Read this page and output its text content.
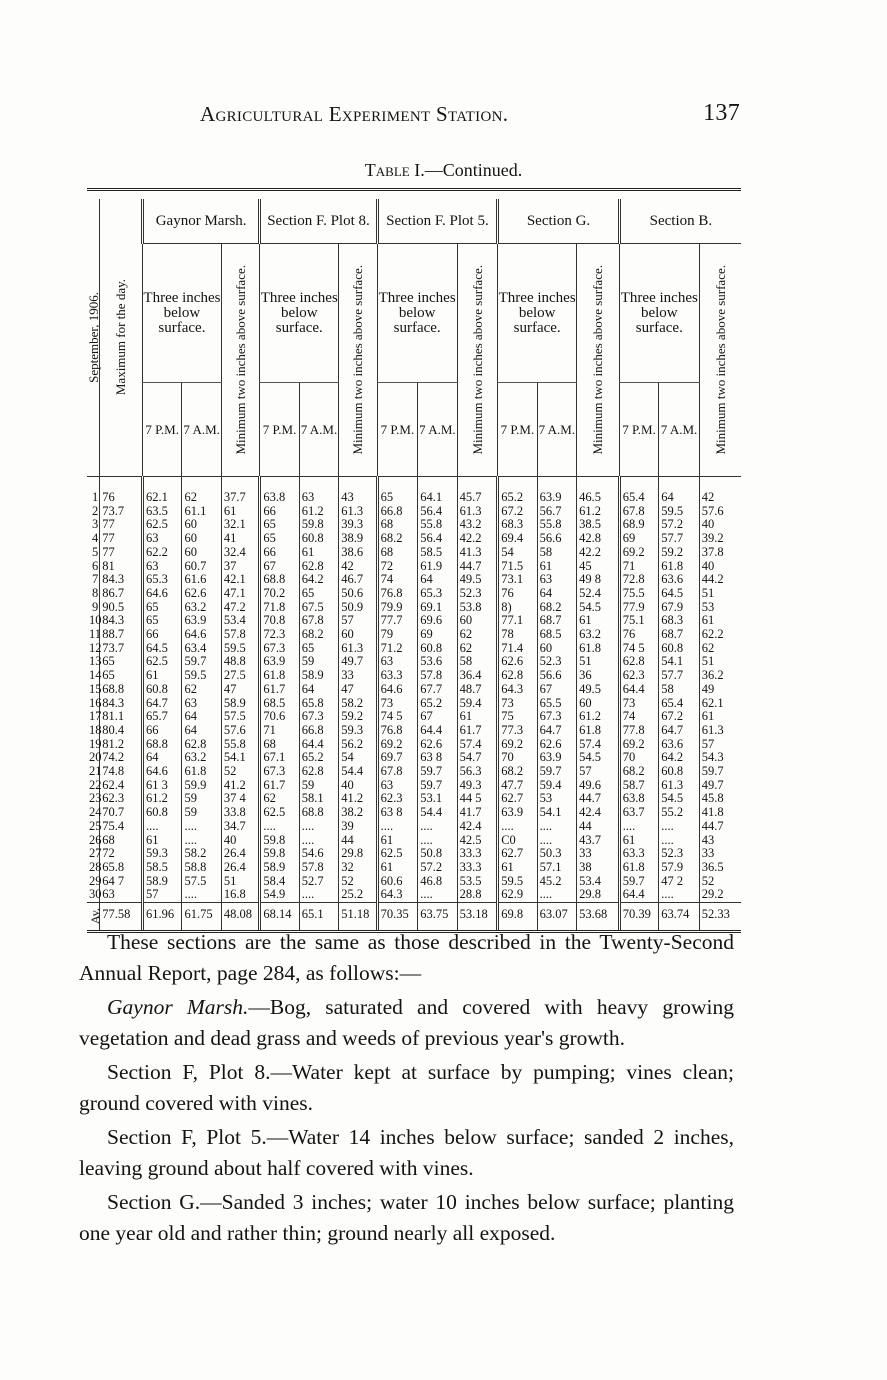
Agricultural Experiment Station.	137
Table I.—Continued.

September, 1906.	Maximum for the day.	Gaynor Marsh.			Section F. Plot 8.			Section F. Plot 5.			Section G.			Section B.		
		Three inches below surface.		Minimum two inches above surface.	Three inches below surface.		Minimum two inches above surface.	Three inches below surface.		Minimum two inches above surface.	Three inches below surface.		Minimum two inches above surface.	Three inches below surface.		Minimum two inches above surface.

		7 P.M.	7 A.M.		7 P.M.	7 A.M.		7 P.M.	7 A.M.		7 P.M.	7 A.M.		7 P.M.	7 A.M.	

1	76	62.1	62	37.7	63.8	63	43	65	64.1	45.7	65.2	63.9	46.5	65.4	64	42
2	73.7	63.5	61.1	61	66	61.2	61.3	66.8	56.4	61.3	67.2	56.7	61.2	67.8	59.5	57.6
3	77	62.5	60	32.1	65	59.8	39.3	68	55.8	43.2	68.3	55.8	38.5	68.9	57.2	40
4	77	63	60	41	65	60.8	38.9	68.2	56.4	42.2	69.4	56.6	42.8	69	57.7	39.2
5	77	62.2	60	32.4	66	61	38.6	68	58.5	41.3	54	58	42.2	69.2	59.2	37.8
6	81	63	60.7	37	67	62.8	42	72	61.9	44.7	71.5	61	45	71	61.8	40
7	84.3	65.3	61.6	42.1	68.8	64.2	46.7	74	64	49.5	73.1	63	49 8	72.8	63.6	44.2
8	86.7	64.6	62.6	47.1	70.2	65	50.6	76.8	65.3	52.3	76	64	52.4	75.5	64.5	51
9	90.5	65	63.2	47.2	71.8	67.5	50.9	79.9	69.1	53.8	8)	68.2	54.5	77.9	67.9	53
10	84.3	65	63.9	53.4	70.8	67.8	57	77.7	69.6	60	77.1	68.7	61	75.1	68.3	61
11	88.7	66	64.6	57.8	72.3	68.2	60	79	69	62	78	68.5	63.2	76	68.7	62.2
12	73.7	64.5	63.4	59.5	67.3	65	61.3	71.2	60.8	62	71.4	60	61.8	74 5	60.8	62
13	65	62.5	59.7	48.8	63.9	59	49.7	63	53.6	58	62.6	52.3	51	62.8	54.1	51
14	65	61	59.5	27.5	61.8	58.9	33	63.3	57.8	36.4	62.8	56.6	36	62.3	57.7	36.2
15	68.8	60.8	62	47	61.7	64	47	64.6	67.7	48.7	64.3	67	49.5	64.4	58	49
16	84.3	64.7	63	58.9	68.5	65.8	58.2	73	65.2	59.4	73	65.5	60	73	65.4	62.1
17	81.1	65.7	64	57.5	70.6	67.3	59.2	74 5	67	61	75	67.3	61.2	74	67.2	61
18	80.4	66	64	57.6	71	66.8	59.3	76.8	64.4	61.7	77.3	64.7	61.8	77.8	64.7	61.3
19	81.2	68.8	62.8	55.8	68	64.4	56.2	69.2	62.6	57.4	69.2	62.6	57.4	69.2	63.6	57
20	74.2	64	63.2	54.1	67.1	65.2	54	69.7	63 8	54.7	70	63.9	54.5	70	64.2	54.3
21	74.8	64.6	61.8	52	67.3	62.8	54.4	67.8	59.7	56.3	68.2	59.7	57	68.2	60.8	59.7
22	62.4	61 3	59.9	41.2	61.7	59	40	63	59.7	49.3	47.7	59.4	49.6	58.7	61.3	49.7
23	62.3	61.2	59	37 4	62	58.1	41.2	62.3	53.1	44 5	62.7	53	44.7	63.8	54.5	45.8
24	70.7	60.8	59	33.8	62.5	68.8	38.2	63 8	54.4	41.7	63.9	54.1	42.4	63.7	55.2	41.8
25	75.4	....	....	34.7	....	....	39	....	....	42.4	....	....	44	....	....	44.7
26	68	61	....	40	59.8	....	44	61	....	42.5	C0	....	43.7	61	....	43
27	72	59.3	58.2	26.4	59.8	54.6	29.8	62.5	50.8	33.3	62.7	50.3	33	63.3	52.3	33
28	65.8	58.5	58.8	26.4	58.9	57.8	32	61	57.2	33.3	61	57.1	38	61.8	57.9	36.5
29	64 7	58.9	57.5	51	58.4	52.7	52	60.6	46.8	53.5	59.5	45.2	53.4	59.7	47 2	52
30	63	57	....	16.8	54.9	....	25.2	64.3	....	28.8	62.9	....	29.8	64.4	....	29.2

Av.	77.58	61.96	61.75	48.08	68.14	65.1	51.18	70.35	63.75	53.18	69.8	63.07	53.68	70.39	63.74	52.33

These sections are the same as those described in the Twenty-Second Annual Report, page 284, as follows:—

Gaynor Marsh.—Bog, saturated and covered with heavy growing vegetation and dead grass and weeds of previous year's growth.

Section F, Plot 8.—Water kept at surface by pumping; vines clean; ground covered with vines.

Section F, Plot 5.—Water 14 inches below surface; sanded 2 inches, leaving ground about half covered with vines.

Section G.—Sanded 3 inches; water 10 inches below surface; planting one year old and rather thin; ground nearly all exposed.
